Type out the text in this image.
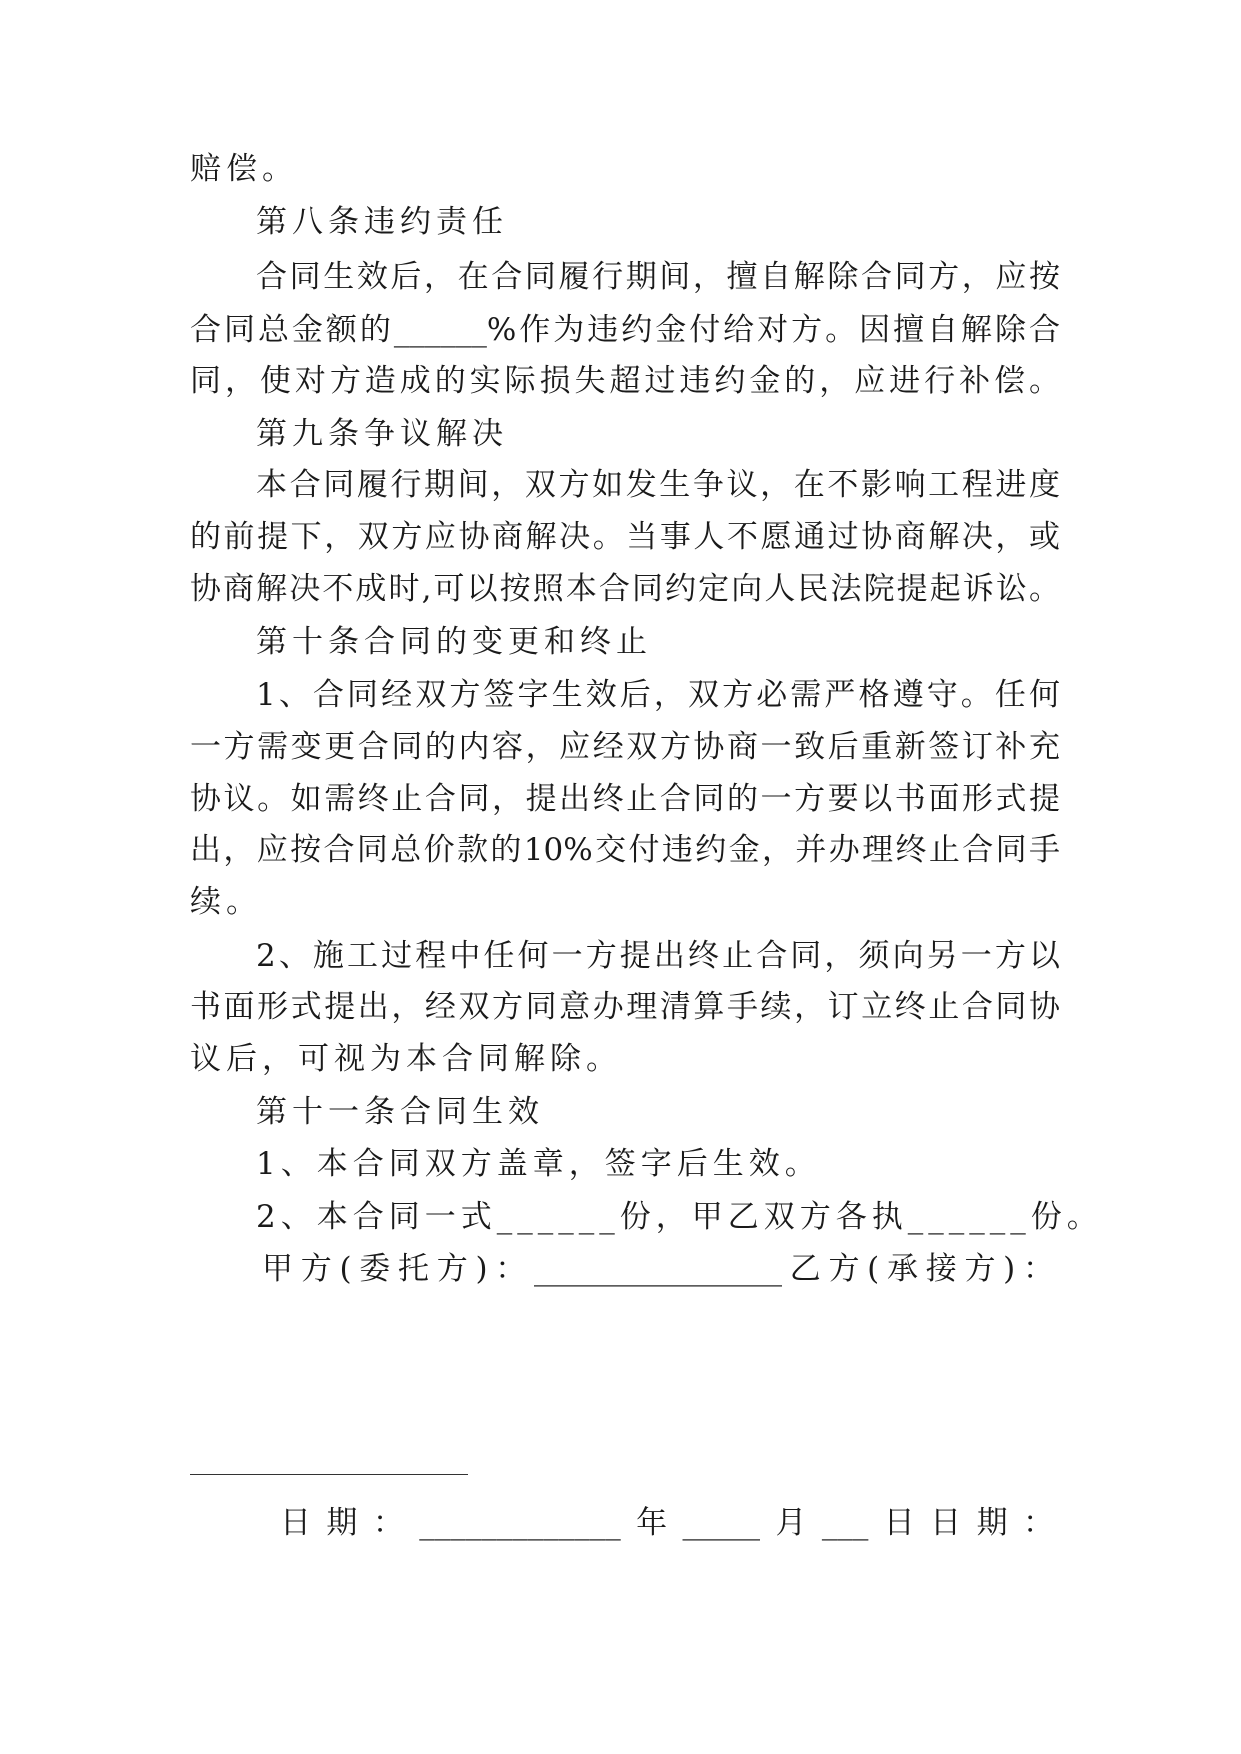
赔偿。
第八条违约责任
合同生效后，在合同履行期间，擅自解除合同方，应按
合同总金额的______%作为违约金付给对方。因擅自解除合
同，使对方造成的实际损失超过违约金的，应进行补偿。
第九条争议解决
本合同履行期间，双方如发生争议，在不影响工程进度
的前提下，双方应协商解决。当事人不愿通过协商解决，或
协商解决不成时,可以按照本合同约定向人民法院提起诉讼。
第十条合同的变更和终止
1、合同经双方签字生效后，双方必需严格遵守。任何
一方需变更合同的内容，应经双方协商一致后重新签订补充
协议。如需终止合同，提出终止合同的一方要以书面形式提
出，应按合同总价款的10%交付违约金，并办理终止合同手
续。
2、施工过程中任何一方提出终止合同，须向另一方以
书面形式提出，经双方同意办理清算手续，订立终止合同协
议后，可视为本合同解除。
第十一条合同生效
1、本合同双方盖章，签字后生效。
2、本合同一式______份，甲乙双方各执______份。
甲方(委托方)：________________乙方(承接方)：
日期：_____________年_____月___日日期：
